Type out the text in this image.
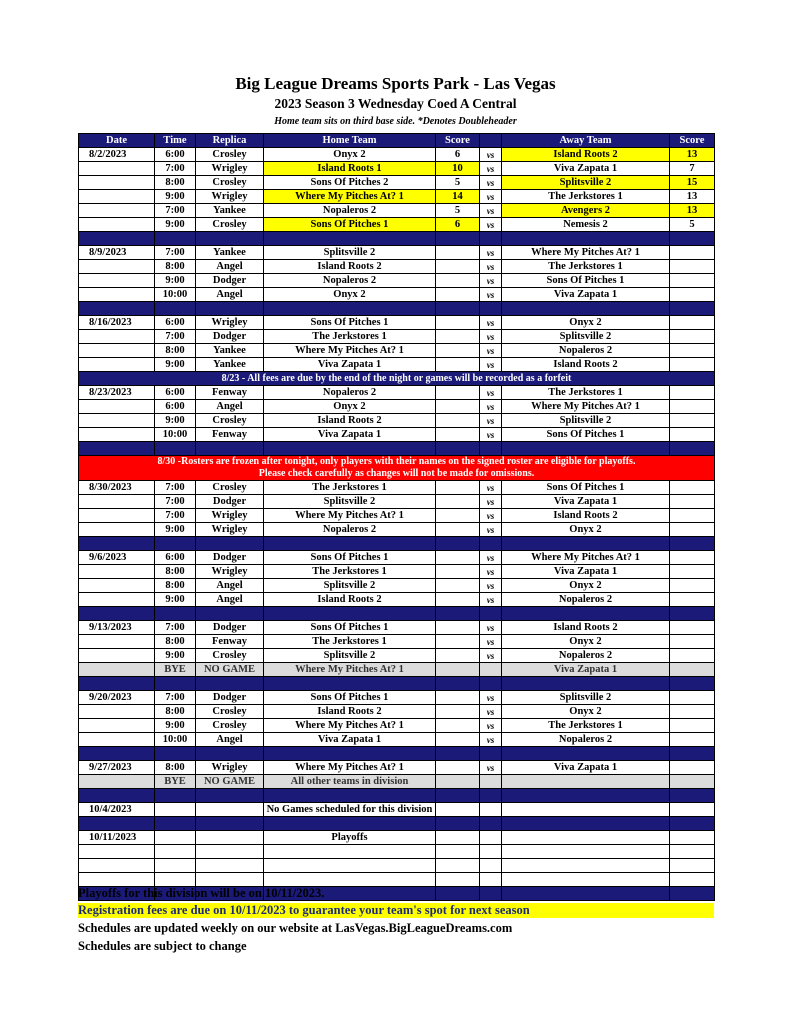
Big League Dreams Sports Park - Las Vegas
2023 Season 3 Wednesday Coed A Central
Home team sits on third base side. *Denotes Doubleheader
Date	Time	Replica	Home Team	Score		Away Team	Score
8/2/2023	6:00	Crosley	Onyx 2	6	vs	Island Roots 2	13
	7:00	Wrigley	Island Roots 1	10	vs	Viva Zapata 1	7
	8:00	Crosley	Sons Of Pitches 2	5	vs	Splitsville 2	15
	9:00	Wrigley	Where My Pitches At? 1	14	vs	The Jerkstores 1	13
	7:00	Yankee	Nopaleros 2	5	vs	Avengers 2	13
	9:00	Crosley	Sons Of Pitches 1	6	vs	Nemesis 2	5

8/9/2023	7:00	Yankee	Splitsville 2		vs	Where My Pitches At? 1	
	8:00	Angel	Island Roots 2		vs	The Jerkstores 1	
	9:00	Dodger	Nopaleros 2		vs	Sons Of Pitches 1	
	10:00	Angel	Onyx 2		vs	Viva Zapata 1	

8/16/2023	6:00	Wrigley	Sons Of Pitches 1		vs	Onyx 2	
	7:00	Dodger	The Jerkstores 1		vs	Splitsville 2	
	8:00	Yankee	Where My Pitches At? 1		vs	Nopaleros 2	
	9:00	Yankee	Viva Zapata 1		vs	Island Roots 2	
8/23 - All fees are due by the end of the night or games will be recorded as a forfeit							
8/23/2023	6:00	Fenway	Nopaleros 2		vs	The Jerkstores 1	
	6:00	Angel	Onyx 2		vs	Where My Pitches At? 1	
	9:00	Crosley	Island Roots 2		vs	Splitsville 2	
	10:00	Fenway	Viva Zapata 1		vs	Sons Of Pitches 1	

8/30 -Rosters are frozen after tonight, only players with their names on the signed roster are eligible for playoffs.
Please check carefully as changes will not be made for omissions.							

8/30/2023	7:00	Crosley	The Jerkstores 1		vs	Sons Of Pitches 1	
	7:00	Dodger	Splitsville 2		vs	Viva Zapata 1	
	7:00	Wrigley	Where My Pitches At? 1		vs	Island Roots 2	
	9:00	Wrigley	Nopaleros 2		vs	Onyx 2	

9/6/2023	6:00	Dodger	Sons Of Pitches 1		vs	Where My Pitches At? 1	
	8:00	Wrigley	The Jerkstores 1		vs	Viva Zapata 1	
	8:00	Angel	Splitsville 2		vs	Onyx 2	
	9:00	Angel	Island Roots 2		vs	Nopaleros 2	

9/13/2023	7:00	Dodger	Sons Of Pitches 1		vs	Island Roots 2	
	8:00	Fenway	The Jerkstores 1		vs	Onyx 2	
	9:00	Crosley	Splitsville 2		vs	Nopaleros 2	
	BYE	NO GAME	Where My Pitches At? 1			Viva Zapata 1	

9/20/2023	7:00	Dodger	Sons Of Pitches 1		vs	Splitsville 2	
	8:00	Crosley	Island Roots 2		vs	Onyx 2	
	9:00	Crosley	Where My Pitches At? 1		vs	The Jerkstores 1	
	10:00	Angel	Viva Zapata 1		vs	Nopaleros 2	

9/27/2023	8:00	Wrigley	Where My Pitches At? 1		vs	Viva Zapata 1	
	BYE	NO GAME	All other teams in division				

10/4/2023			No Games scheduled for this division				

10/11/2023			Playoffs				

Playoffs for this division will be on 10/11/2023.
Registration fees are due on 10/11/2023 to guarantee your team's spot for next season
Schedules are updated weekly on our website at LasVegas.BigLeagueDreams.com
Schedules are subject to change
